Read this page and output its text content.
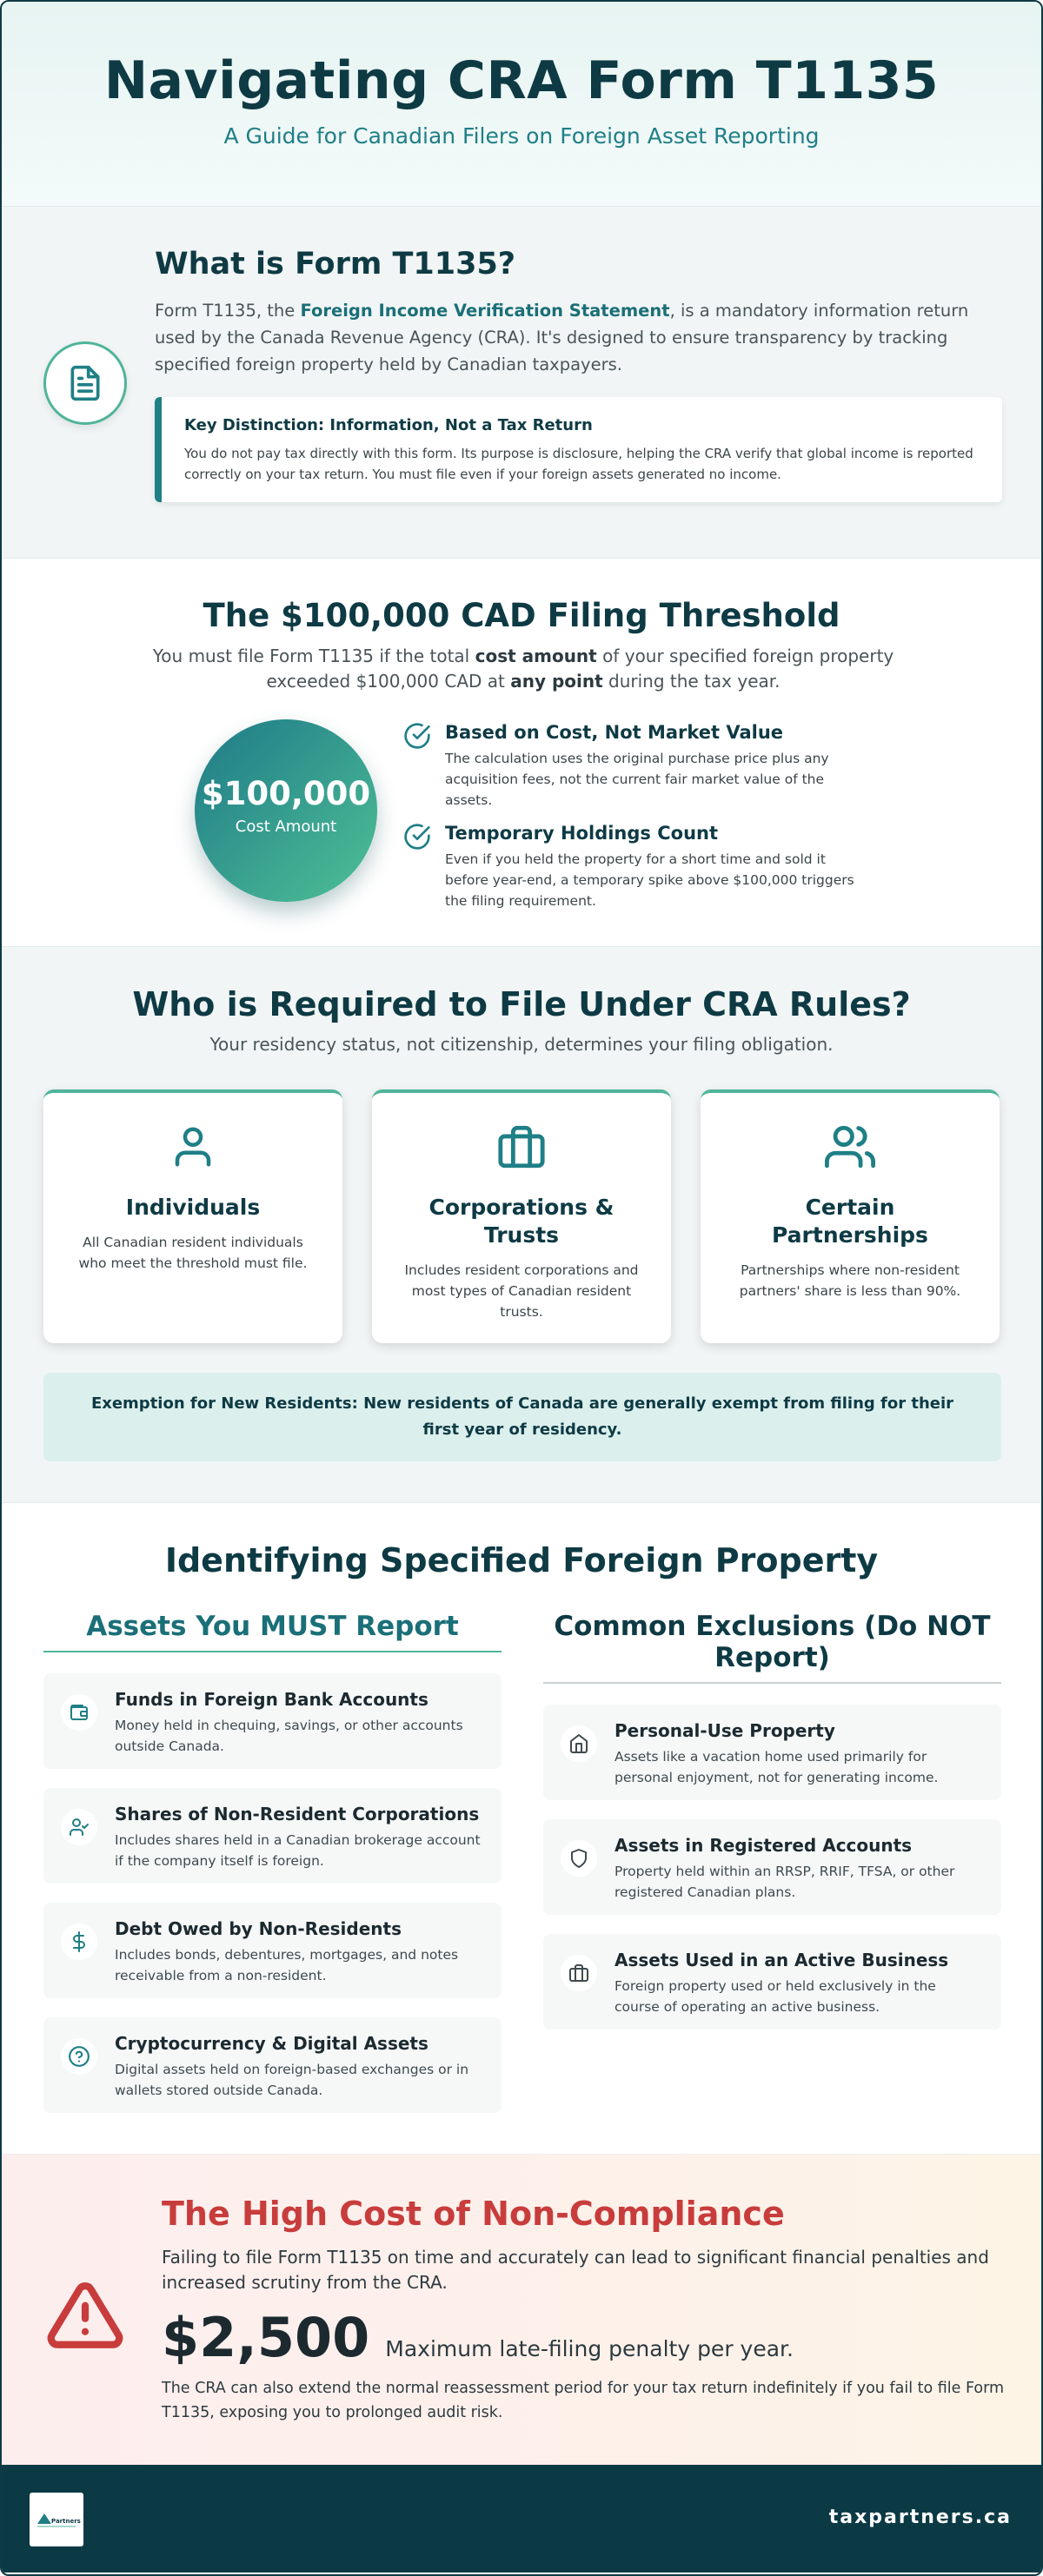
Navigating CRA Form T1135
A Guide for Canadian Filers on Foreign Asset Reporting
What is Form T1135?

Form T1135, the Foreign Income Verification Statement, is a mandatory information return used by the Canada Revenue Agency (CRA). It's designed to ensure transparency by tracking specified foreign property held by Canadian taxpayers.

Key Distinction: Information, Not a Tax Return

You do not pay tax directly with this form. Its purpose is disclosure, helping the CRA verify that global income is reported correctly on your tax return. You must file even if your foreign assets generated no income.

The $100,000 CAD Filing Threshold

You must file Form T1135 if the total cost amount of your specified foreign property exceeded $100,000 CAD at any point during the tax year.

$100,000
Cost Amount
Based on Cost, Not Market Value

The calculation uses the original purchase price plus any acquisition fees, not the current fair market value of the assets.

Temporary Holdings Count

Even if you held the property for a short time and sold it before year-end, a temporary spike above $100,000 triggers the filing requirement.

Who is Required to File Under CRA Rules?

Your residency status, not citizenship, determines your filing obligation.

Individuals

All Canadian resident individuals who meet the threshold must file.

Corporations & Trusts

Includes resident corporations and most types of Canadian resident trusts.

Certain Partnerships

Partnerships where non-resident partners' share is less than 90%.

Exemption for New Residents: New residents of Canada are generally exempt from filing for their first year of residency.
Identifying Specified Foreign Property
Assets You MUST Report
Funds in Foreign Bank Accounts

Money held in chequing, savings, or other accounts outside Canada.

Shares of Non-Resident Corporations

Includes shares held in a Canadian brokerage account if the company itself is foreign.

Debt Owed by Non-Residents

Includes bonds, debentures, mortgages, and notes receivable from a non-resident.

Cryptocurrency & Digital Assets

Digital assets held on foreign-based exchanges or in wallets stored outside Canada.

Common Exclusions (Do NOT Report)
Personal-Use Property

Assets like a vacation home used primarily for personal enjoyment, not for generating income.

Assets in Registered Accounts

Property held within an RRSP, RRIF, TFSA, or other registered Canadian plans.

Assets Used in an Active Business

Foreign property used or held exclusively in the course of operating an active business.

The High Cost of Non-Compliance

Failing to file Form T1135 on time and accurately can lead to significant financial penalties and increased scrutiny from the CRA.

$2,500 Maximum late-filing penalty per year.

The CRA can also extend the normal reassessment period for your tax return indefinitely if you fail to file Form T1135, exposing you to prolonged audit risk.

Partners	taxpartners.ca
